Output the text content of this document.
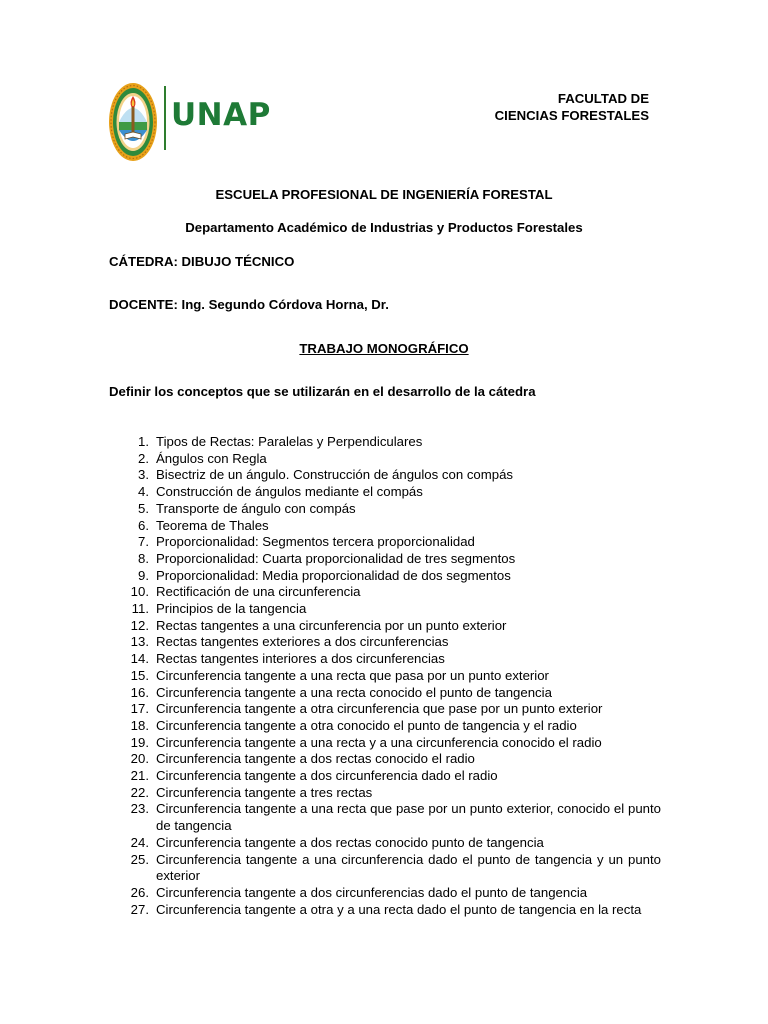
UNAP	FACULTAD DE
CIENCIAS FORESTALES
ESCUELA PROFESIONAL DE INGENIERÍA FORESTAL
Departamento Académico de Industrias y Productos Forestales
CÁTEDRA: DIBUJO TÉCNICO
DOCENTE: Ing. Segundo Córdova Horna, Dr.
TRABAJO MONOGRÁFICO
Definir los conceptos que se utilizarán en el desarrollo de la cátedra
1. Tipos de Rectas: Paralelas y Perpendiculares
2. Ángulos con Regla
3. Bisectriz de un ángulo. Construcción de ángulos con compás
4. Construcción de ángulos mediante el compás
5. Transporte de ángulo con compás
6. Teorema de Thales
7. Proporcionalidad: Segmentos tercera proporcionalidad
8. Proporcionalidad: Cuarta proporcionalidad de tres segmentos
9. Proporcionalidad: Media proporcionalidad de dos segmentos
10. Rectificación de una circunferencia
11. Principios de la tangencia
12. Rectas tangentes a una circunferencia por un punto exterior
13. Rectas tangentes exteriores a dos circunferencias
14. Rectas tangentes interiores a dos circunferencias
15. Circunferencia tangente a una recta que pasa por un punto exterior
16. Circunferencia tangente a una recta conocido el punto de tangencia
17. Circunferencia tangente a otra circunferencia que pase por un punto exterior
18. Circunferencia tangente a otra conocido el punto de tangencia y el radio
19. Circunferencia tangente a una recta y a una circunferencia conocido el radio
20. Circunferencia tangente a dos rectas conocido el radio
21. Circunferencia tangente a dos circunferencia dado el radio
22. Circunferencia tangente a tres rectas
23. Circunferencia tangente a una recta que pase por un punto exterior, conocido el punto de tangencia
24. Circunferencia tangente a dos rectas conocido punto de tangencia
25. Circunferencia tangente a una circunferencia dado el punto de tangencia y un punto exterior
26. Circunferencia tangente a dos circunferencias dado el punto de tangencia
27. Circunferencia tangente a otra y a una recta dado el punto de tangencia en la recta
